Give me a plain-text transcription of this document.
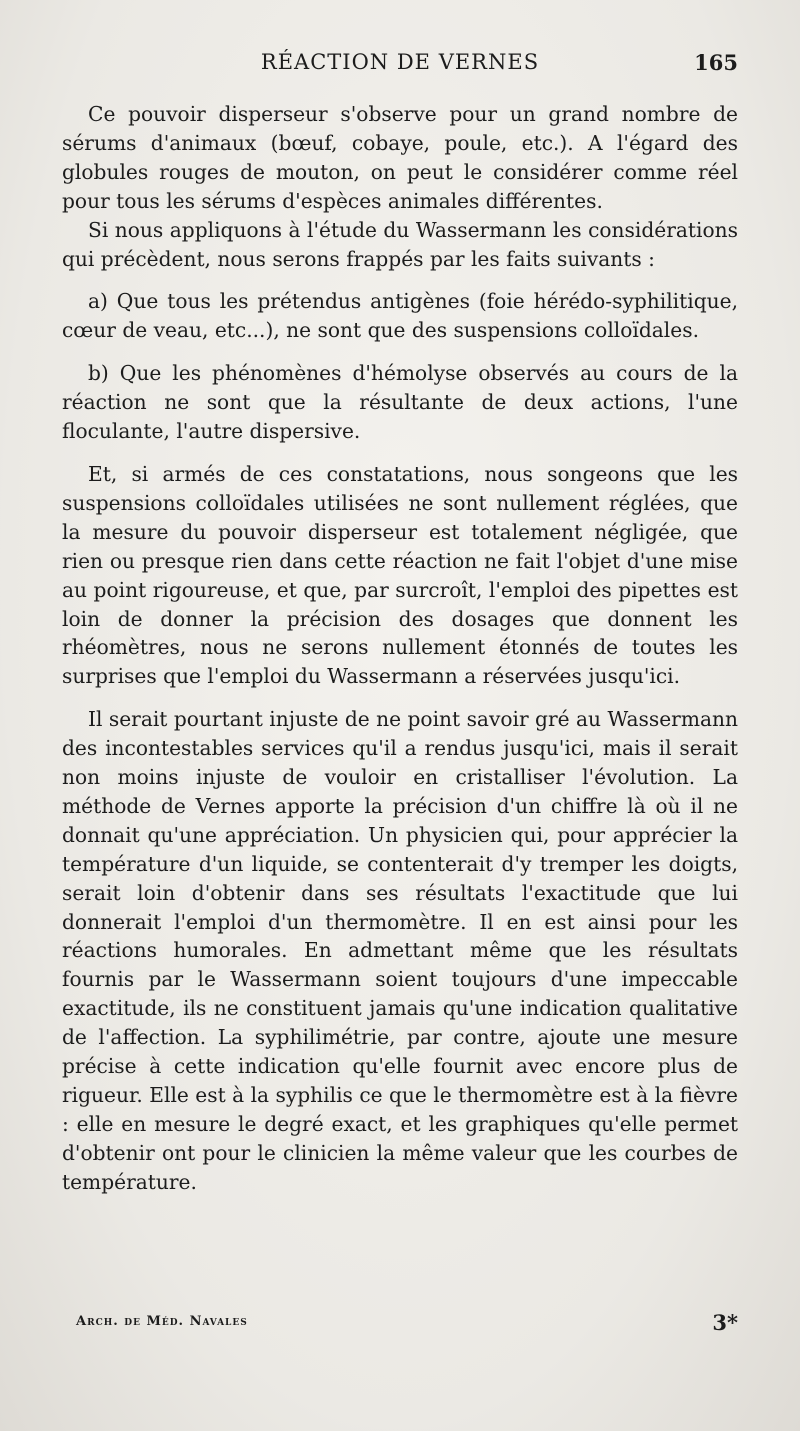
RÉACTION DE VERNES	165

Ce pouvoir disperseur s'observe pour un grand nombre de sérums d'animaux (bœuf, cobaye, poule, etc.). A l'égard des globules rouges de mouton, on peut le considérer comme réel pour tous les sérums d'espèces animales différentes.

Si nous appliquons à l'étude du Wassermann les considérations qui précèdent, nous serons frappés par les faits suivants :

a) Que tous les prétendus antigènes (foie hérédo-syphilitique, cœur de veau, etc...), ne sont que des suspensions colloïdales.

b) Que les phénomènes d'hémolyse observés au cours de la réaction ne sont que la résultante de deux actions, l'une floculante, l'autre dispersive.

Et, si armés de ces constatations, nous songeons que les suspensions colloïdales utilisées ne sont nullement réglées, que la mesure du pouvoir disperseur est totalement négligée, que rien ou presque rien dans cette réaction ne fait l'objet d'une mise au point rigoureuse, et que, par surcroît, l'emploi des pipettes est loin de donner la précision des dosages que donnent les rhéomètres, nous ne serons nullement étonnés de toutes les surprises que l'emploi du Wassermann a réservées jusqu'ici.

Il serait pourtant injuste de ne point savoir gré au Wassermann des incontestables services qu'il a rendus jusqu'ici, mais il serait non moins injuste de vouloir en cristalliser l'évolution. La méthode de Vernes apporte la précision d'un chiffre là où il ne donnait qu'une appréciation. Un physicien qui, pour apprécier la température d'un liquide, se contenterait d'y tremper les doigts, serait loin d'obtenir dans ses résultats l'exactitude que lui donnerait l'emploi d'un thermomètre. Il en est ainsi pour les réactions humorales. En admettant même que les résultats fournis par le Wassermann soient toujours d'une impeccable exactitude, ils ne constituent jamais qu'une indication qualitative de l'affection. La syphilimétrie, par contre, ajoute une mesure précise à cette indication qu'elle fournit avec encore plus de rigueur. Elle est à la syphilis ce que le thermomètre est à la fièvre : elle en mesure le degré exact, et les graphiques qu'elle permet d'obtenir ont pour le clinicien la même valeur que les courbes de température.

Arch. de Méd. Navales	3*
